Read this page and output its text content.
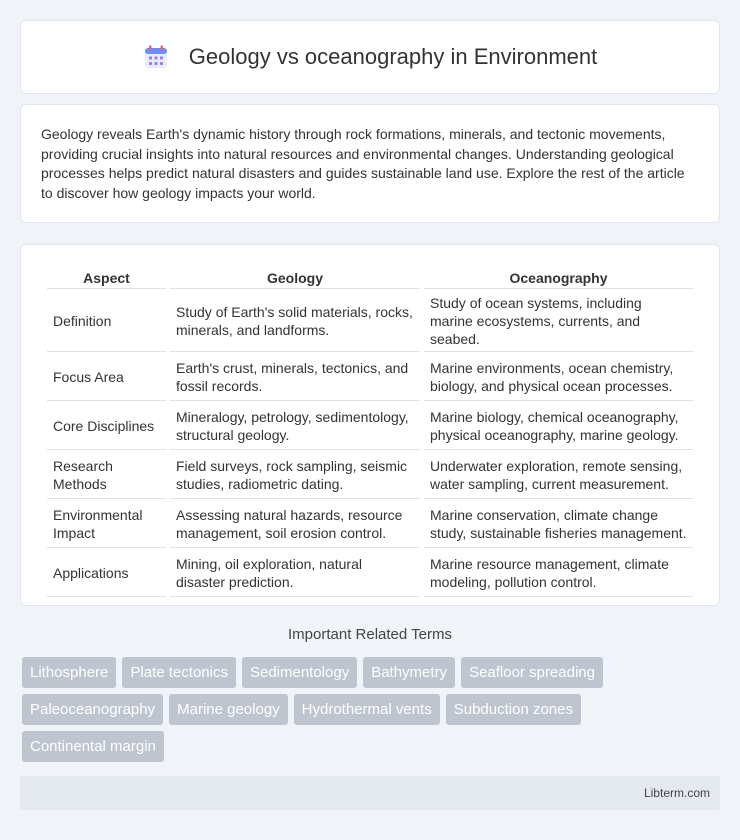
Geology vs oceanography in Environment

Geology reveals Earth's dynamic history through rock formations, minerals, and tectonic movements, providing crucial insights into natural resources and environmental changes. Understanding geological processes helps predict natural disasters and guides sustainable land use. Explore the rest of the article to discover how geology impacts your world.

Aspect	Geology	Oceanography
Definition	Study of Earth's solid materials, rocks, minerals, and landforms.	Study of ocean systems, including marine ecosystems, currents, and seabed.
Focus Area	Earth's crust, minerals, tectonics, and fossil records.	Marine environments, ocean chemistry, biology, and physical ocean processes.
Core Disciplines	Mineralogy, petrology, sedimentology, structural geology.	Marine biology, chemical oceanography, physical oceanography, marine geology.
Research Methods	Field surveys, rock sampling, seismic studies, radiometric dating.	Underwater exploration, remote sensing, water sampling, current measurement.
Environmental Impact	Assessing natural hazards, resource management, soil erosion control.	Marine conservation, climate change study, sustainable fisheries management.
Applications	Mining, oil exploration, natural disaster prediction.	Marine resource management, climate modeling, pollution control.
Important Related Terms
Lithosphere	Plate tectonics	Sedimentology	Bathymetry	Seafloor spreading
Paleoceanography	Marine geology	Hydrothermal vents	Subduction zones
Continental margin
Libterm.com
